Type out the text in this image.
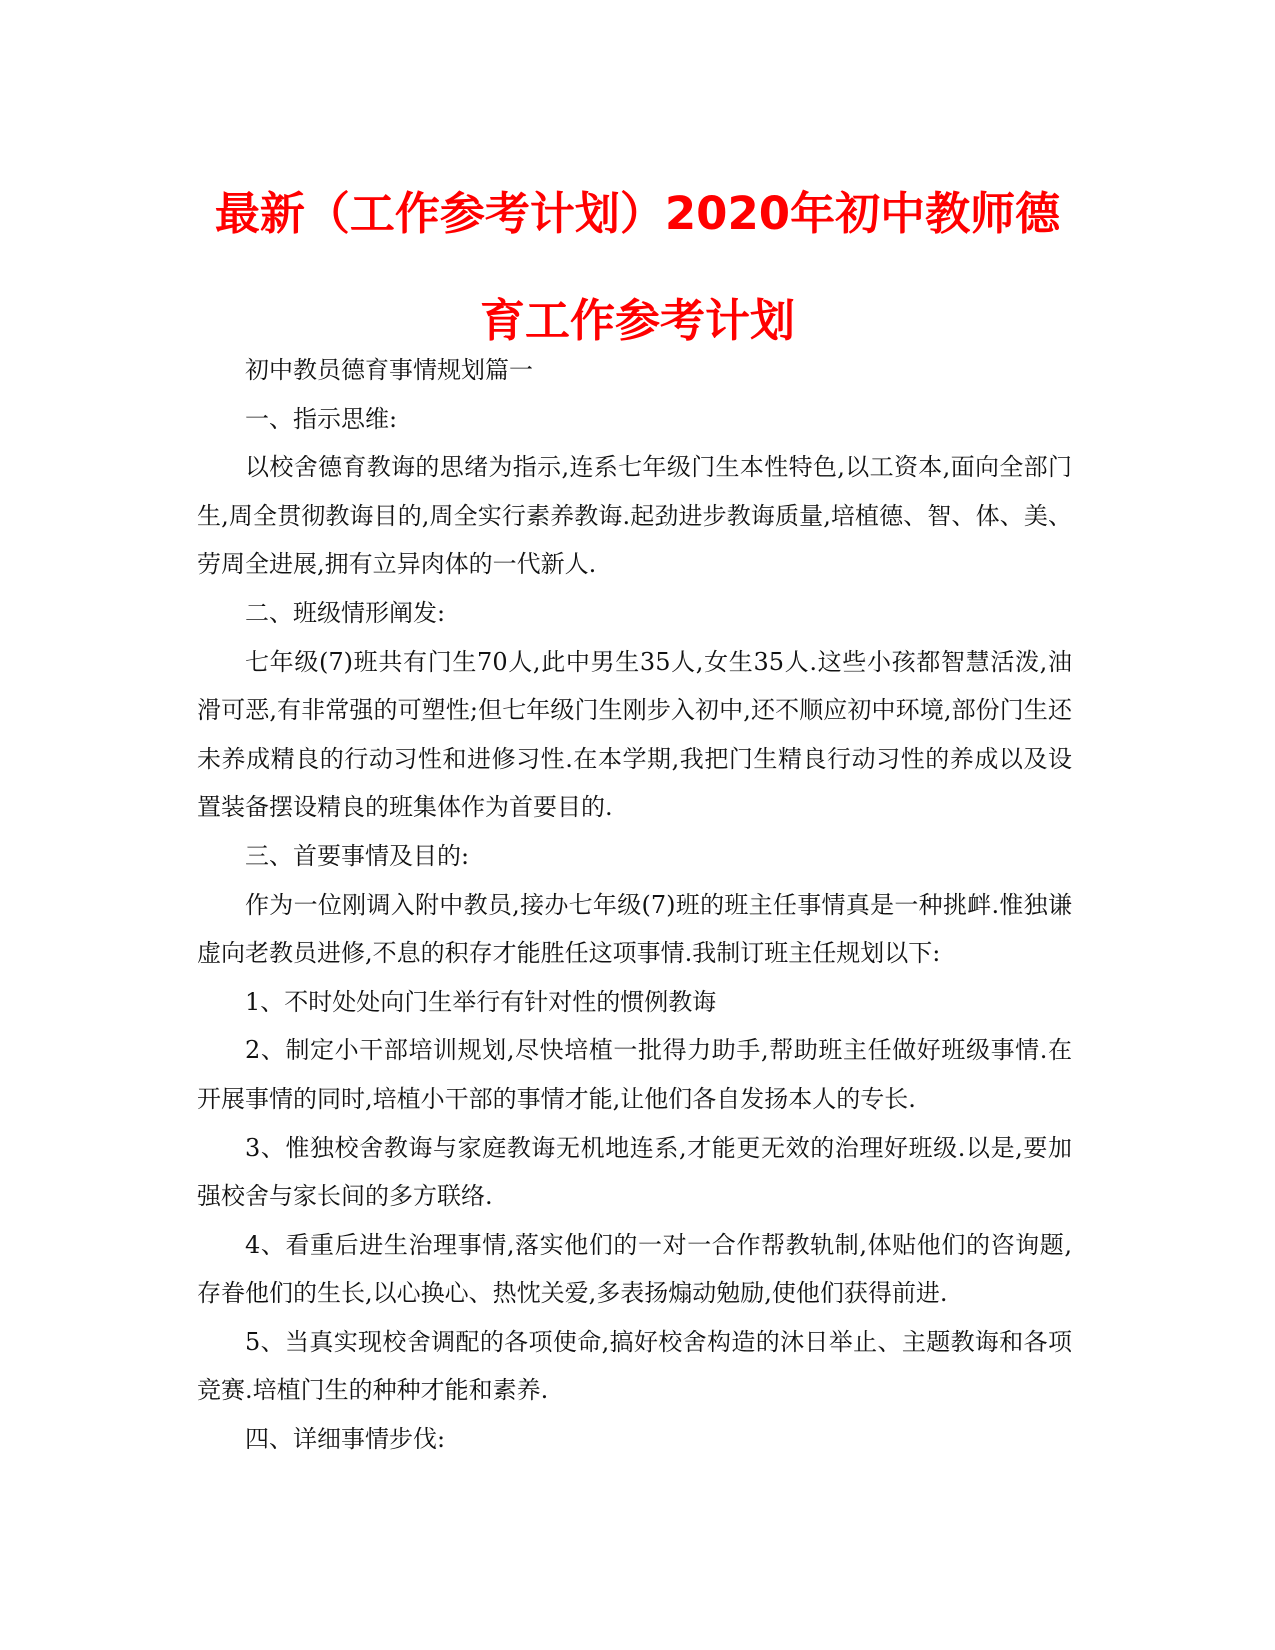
最新（工作参考计划）2020年初中教师德
育工作参考计划

初中教员德育事情规划篇一

一、指示思维:

以校舍德育教诲的思绪为指示,连系七年级门生本性特色,以工资本,面向全部门生,周全贯彻教诲目的,周全实行素养教诲.起劲进步教诲质量,培植德、智、体、美、劳周全进展,拥有立异肉体的一代新人.

二、班级情形阐发:

七年级(7)班共有门生70人,此中男生35人,女生35人.这些小孩都智慧活泼,油滑可恶,有非常强的可塑性;但七年级门生刚步入初中,还不顺应初中环境,部份门生还未养成精良的行动习性和进修习性.在本学期,我把门生精良行动习性的养成以及设置装备摆设精良的班集体作为首要目的.

三、首要事情及目的:

作为一位刚调入附中教员,接办七年级(7)班的班主任事情真是一种挑衅.惟独谦虚向老教员进修,不息的积存才能胜任这项事情.我制订班主任规划以下:

1、不时处处向门生举行有针对性的惯例教诲

2、制定小干部培训规划,尽快培植一批得力助手,帮助班主任做好班级事情.在开展事情的同时,培植小干部的事情才能,让他们各自发扬本人的专长.

3、惟独校舍教诲与家庭教诲无机地连系,才能更无效的治理好班级.以是,要加强校舍与家长间的多方联络.

4、看重后进生治理事情,落实他们的一对一合作帮教轨制,体贴他们的咨询题,存眷他们的生长,以心换心、热忱关爱,多表扬煽动勉励,使他们获得前进.

5、当真实现校舍调配的各项使命,搞好校舍构造的沐日举止、主题教诲和各项竞赛.培植门生的种种才能和素养.

四、详细事情步伐:
